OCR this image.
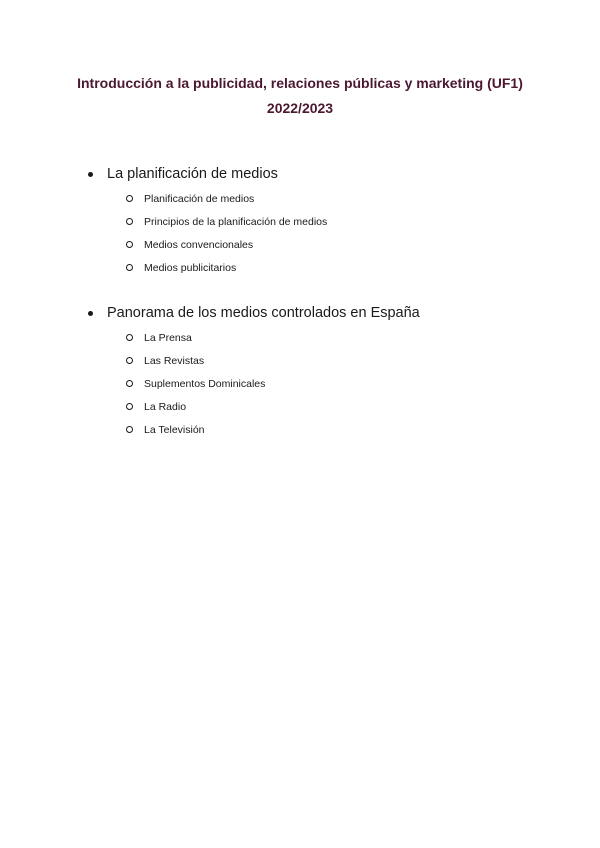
Introducción a la publicidad, relaciones públicas y marketing (UF1)
2022/2023
La planificación de medios
Planificación de medios
Principios de la planificación de medios
Medios convencionales
Medios publicitarios
Panorama de los medios controlados en España
La Prensa
Las Revistas
Suplementos Dominicales
La Radio
La Televisión
